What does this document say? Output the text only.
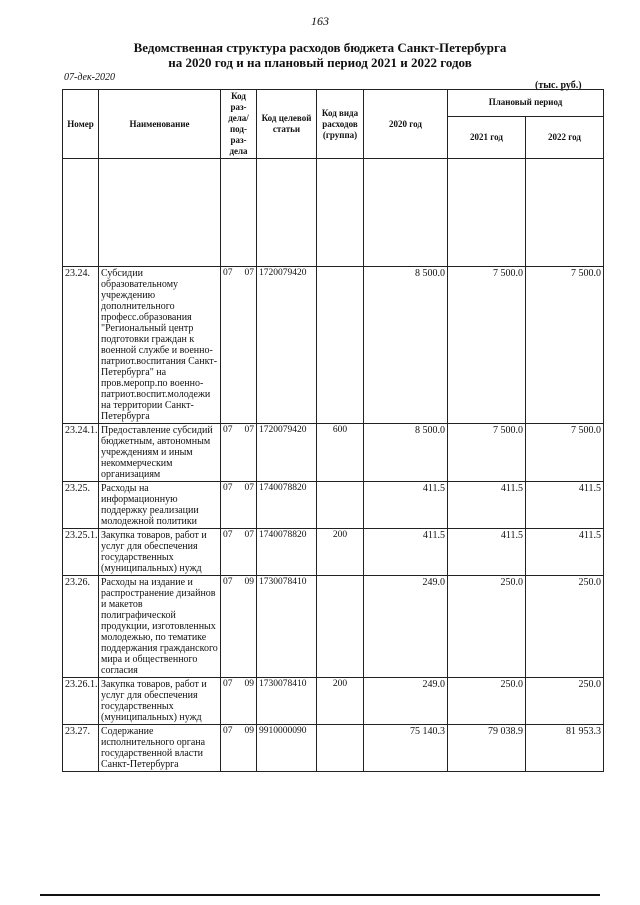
163
Ведомственная структура расходов бюджета Санкт-Петербурга
на 2020 год и на плановый период 2021 и 2022 годов
07-дек-2020
(тыс. руб.)
Номер	Наименование	Код раз- дела/ под- раз- дела	Код целевой статьи	Код вида расходов (группа)	2020 год	Плановый период	
						2021 год	2022 год

23.24.	Субсидии образовательному учреждению дополнительного професс.образования "Региональный центр подготовки граждан к военной службе и военно-патриот.воспитания Санкт-Петербурга" на пров.меропр.по военно-патриот.воспит.молодежи на территории Санкт-Петербурга	07 07	1720079420		8 500.0	7 500.0	7 500.0
23.24.1.	Предоставление субсидий бюджетным, автономным учреждениям и иным некоммерческим организациям	07 07	1720079420	600	8 500.0	7 500.0	7 500.0
23.25.	Расходы на информационную поддержку реализации молодежной политики	07 07	1740078820		411.5	411.5	411.5
23.25.1.	Закупка товаров, работ и услуг для обеспечения государственных (муниципальных) нужд	07 07	1740078820	200	411.5	411.5	411.5
23.26.	Расходы на издание и распространение дизайнов и макетов полиграфической продукции, изготовленных молодежью, по тематике поддержания гражданского мира и общественного согласия	07 09	1730078410		249.0	250.0	250.0
23.26.1.	Закупка товаров, работ и услуг для обеспечения государственных (муниципальных) нужд	07 09	1730078410	200	249.0	250.0	250.0
23.27.	Содержание исполнительного органа государственной власти Санкт-Петербурга	07 09	9910000090		75 140.3	79 038.9	81 953.3
